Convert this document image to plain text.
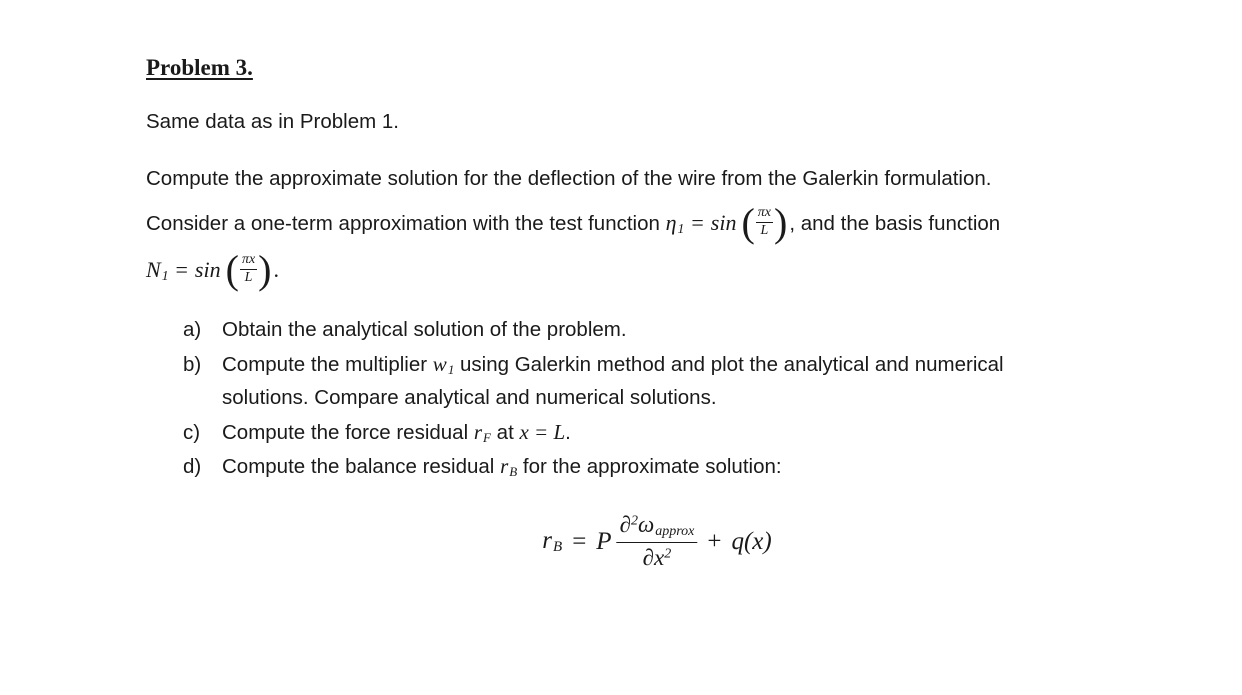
Problem 3.
Same data as in Problem 1.
Compute the approximate solution for the deflection of the wire from the Galerkin formulation.
Consider a one-term approximation with the test function $\eta_1 = \sin$ ( $\frac{\pi x}{L}$ ) , and the basis function
$N_1 = \sin$ ( $\frac{\pi x}{L}$ ) .
a) Obtain the analytical solution of the problem.
b) Compute the multiplier $w_1$ using Galerkin method and plot the analytical and numerical
solutions. Compare analytical and numerical solutions.
c) Compute the force residual $r_F$ at x = L.
d) Compute the balance residual $r_B$ for the approximate solution:
$r_B = P$
$\partial^2\omega_{approx}$
$\partial x^2 + q(x)$
